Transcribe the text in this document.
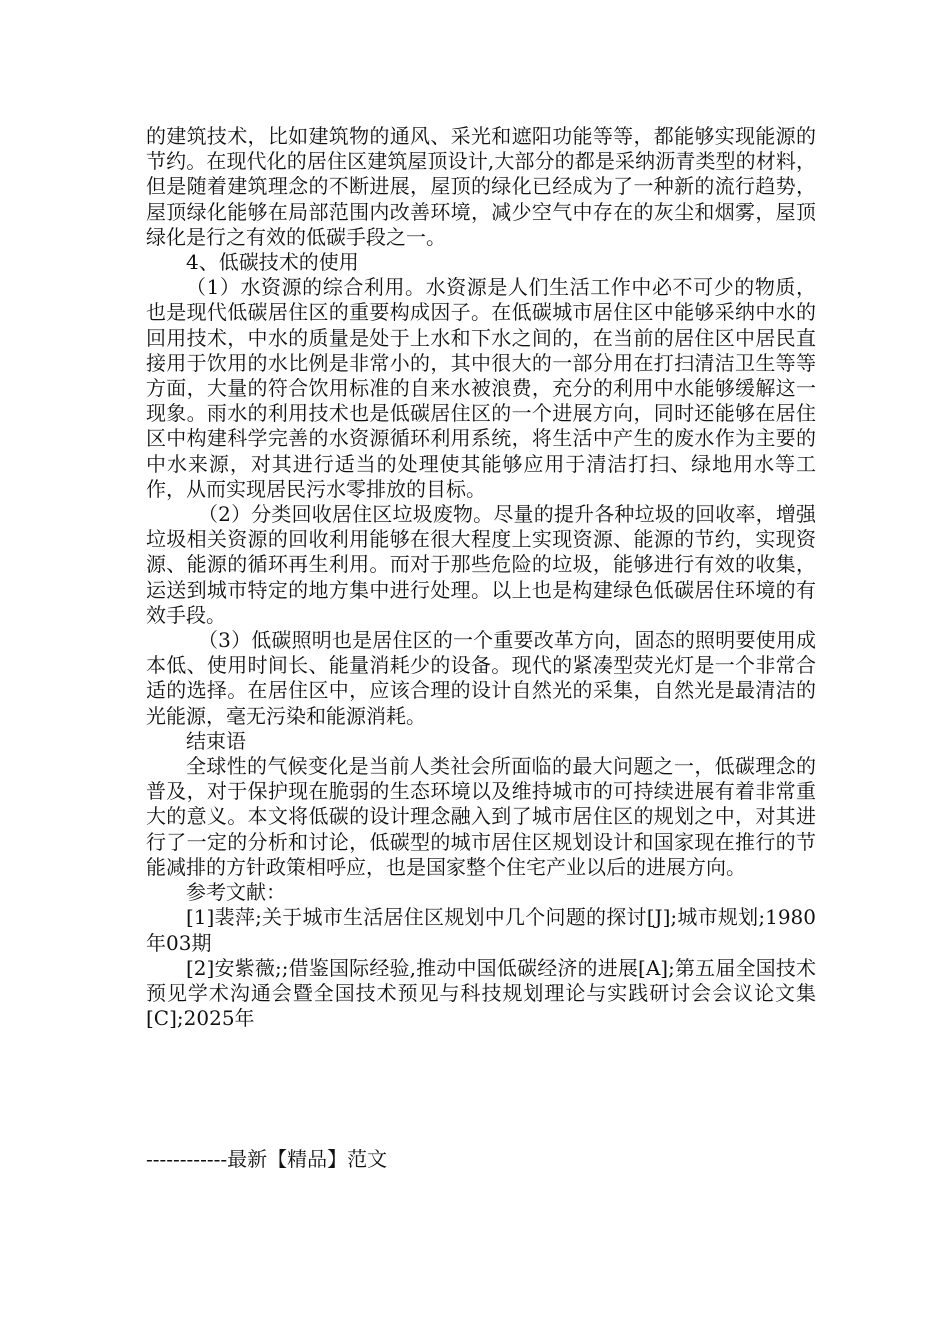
的建筑技术，比如建筑物的通风、采光和遮阳功能等等，都能够实现能源的节约。在现代化的居住区建筑屋顶设计,大部分的都是采纳沥青类型的材料，但是随着建筑理念的不断进展，屋顶的绿化已经成为了一种新的流行趋势，屋顶绿化能够在局部范围内改善环境，减少空气中存在的灰尘和烟雾，屋顶绿化是行之有效的低碳手段之一。

4、低碳技术的使用

（1）水资源的综合利用。水资源是人们生活工作中必不可少的物质，也是现代低碳居住区的重要构成因子。在低碳城市居住区中能够采纳中水的回用技术，中水的质量是处于上水和下水之间的，在当前的居住区中居民直接用于饮用的水比例是非常小的，其中很大的一部分用在打扫清洁卫生等等方面，大量的符合饮用标准的自来水被浪费，充分的利用中水能够缓解这一现象。雨水的利用技术也是低碳居住区的一个进展方向，同时还能够在居住区中构建科学完善的水资源循环利用系统，将生活中产生的废水作为主要的中水来源，对其进行适当的处理使其能够应用于清洁打扫、绿地用水等工作，从而实现居民污水零排放的目标。

（2）分类回收居住区垃圾废物。尽量的提升各种垃圾的回收率，增强垃圾相关资源的回收利用能够在很大程度上实现资源、能源的节约，实现资源、能源的循环再生利用。而对于那些危险的垃圾，能够进行有效的收集，运送到城市特定的地方集中进行处理。以上也是构建绿色低碳居住环境的有效手段。

（3）低碳照明也是居住区的一个重要改革方向，固态的照明要使用成本低、使用时间长、能量消耗少的设备。现代的紧凑型荧光灯是一个非常合适的选择。在居住区中，应该合理的设计自然光的采集，自然光是最清洁的光能源，毫无污染和能源消耗。

结束语

全球性的气候变化是当前人类社会所面临的最大问题之一，低碳理念的普及，对于保护现在脆弱的生态环境以及维持城市的可持续进展有着非常重大的意义。本文将低碳的设计理念融入到了城市居住区的规划之中，对其进行了一定的分析和讨论，低碳型的城市居住区规划设计和国家现在推行的节能减排的方针政策相呼应，也是国家整个住宅产业以后的进展方向。

参考文献：

[1]裴萍;关于城市生活居住区规划中几个问题的探讨[J];城市规划;1980年03期

[2]安紫薇;;借鉴国际经验,推动中国低碳经济的进展[A];第五届全国技术预见学术沟通会暨全国技术预见与科技规划理论与实践研讨会会议论文集[C];2025年

------------最新【精品】范文
